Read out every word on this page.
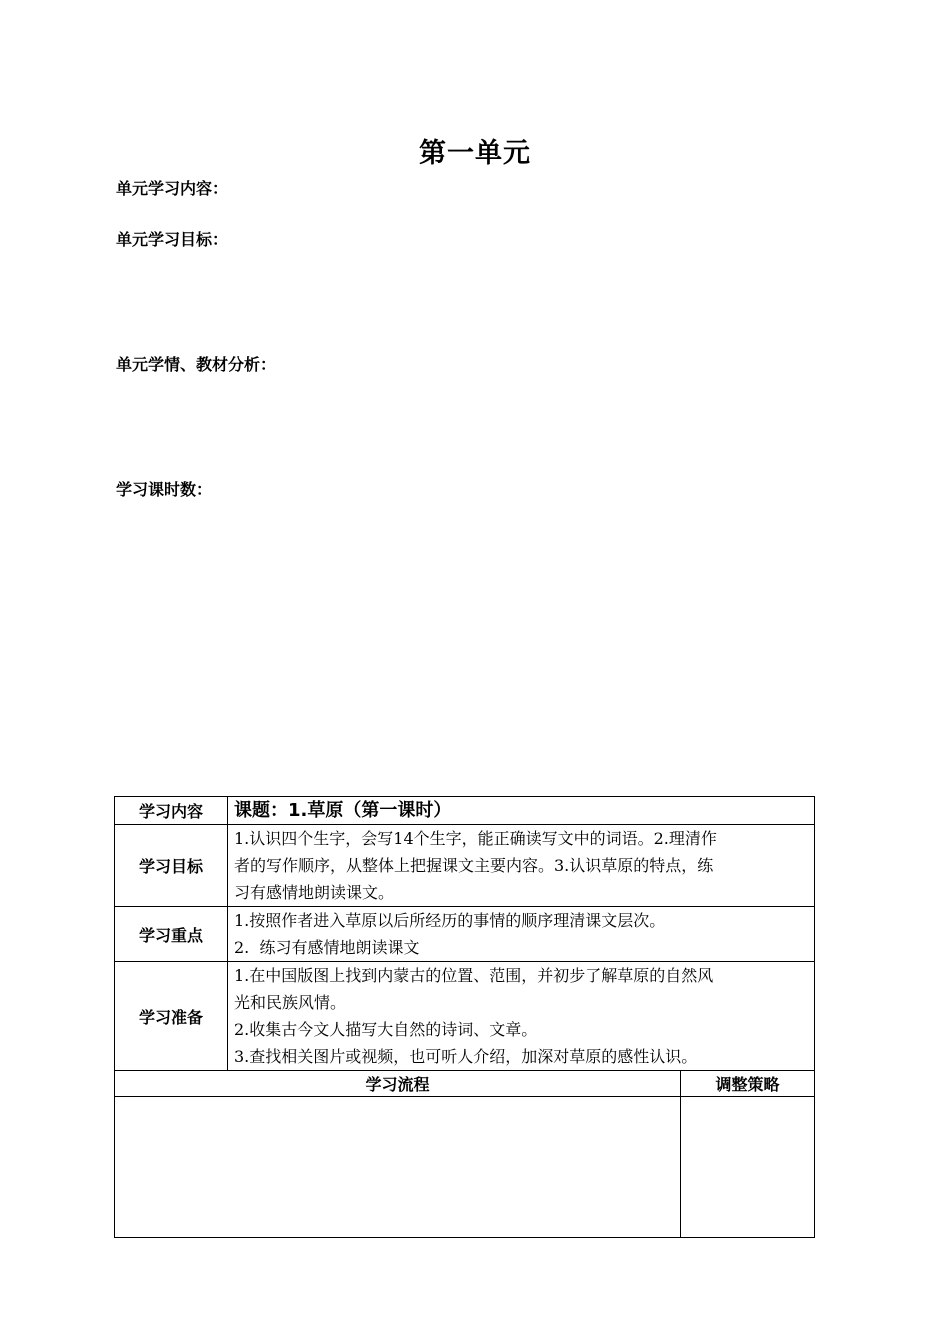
第一单元
单元学习内容：
单元学习目标：
单元学情、教材分析：
学习课时数：
学习内容	课题：1.草原（第一课时）	
学习目标	1.认识四个生字，会写14个生字，能正确读写文中的词语。2.理清作
者的写作顺序，从整体上把握课文主要内容。3.认识草原的特点，练
习有感情地朗读课文。	

学习重点	1.按照作者进入草原以后所经历的事情的顺序理清课文层次。
2.  练习有感情地朗读课文	

学习准备	1.在中国版图上找到内蒙古的位置、范围，并初步了解草原的自然风
光和民族风情。
2.收集古今文人描写大自然的诗词、文章。
3.查找相关图片或视频，也可听人介绍，加深对草原的感性认识。	

学习流程		调整策略
